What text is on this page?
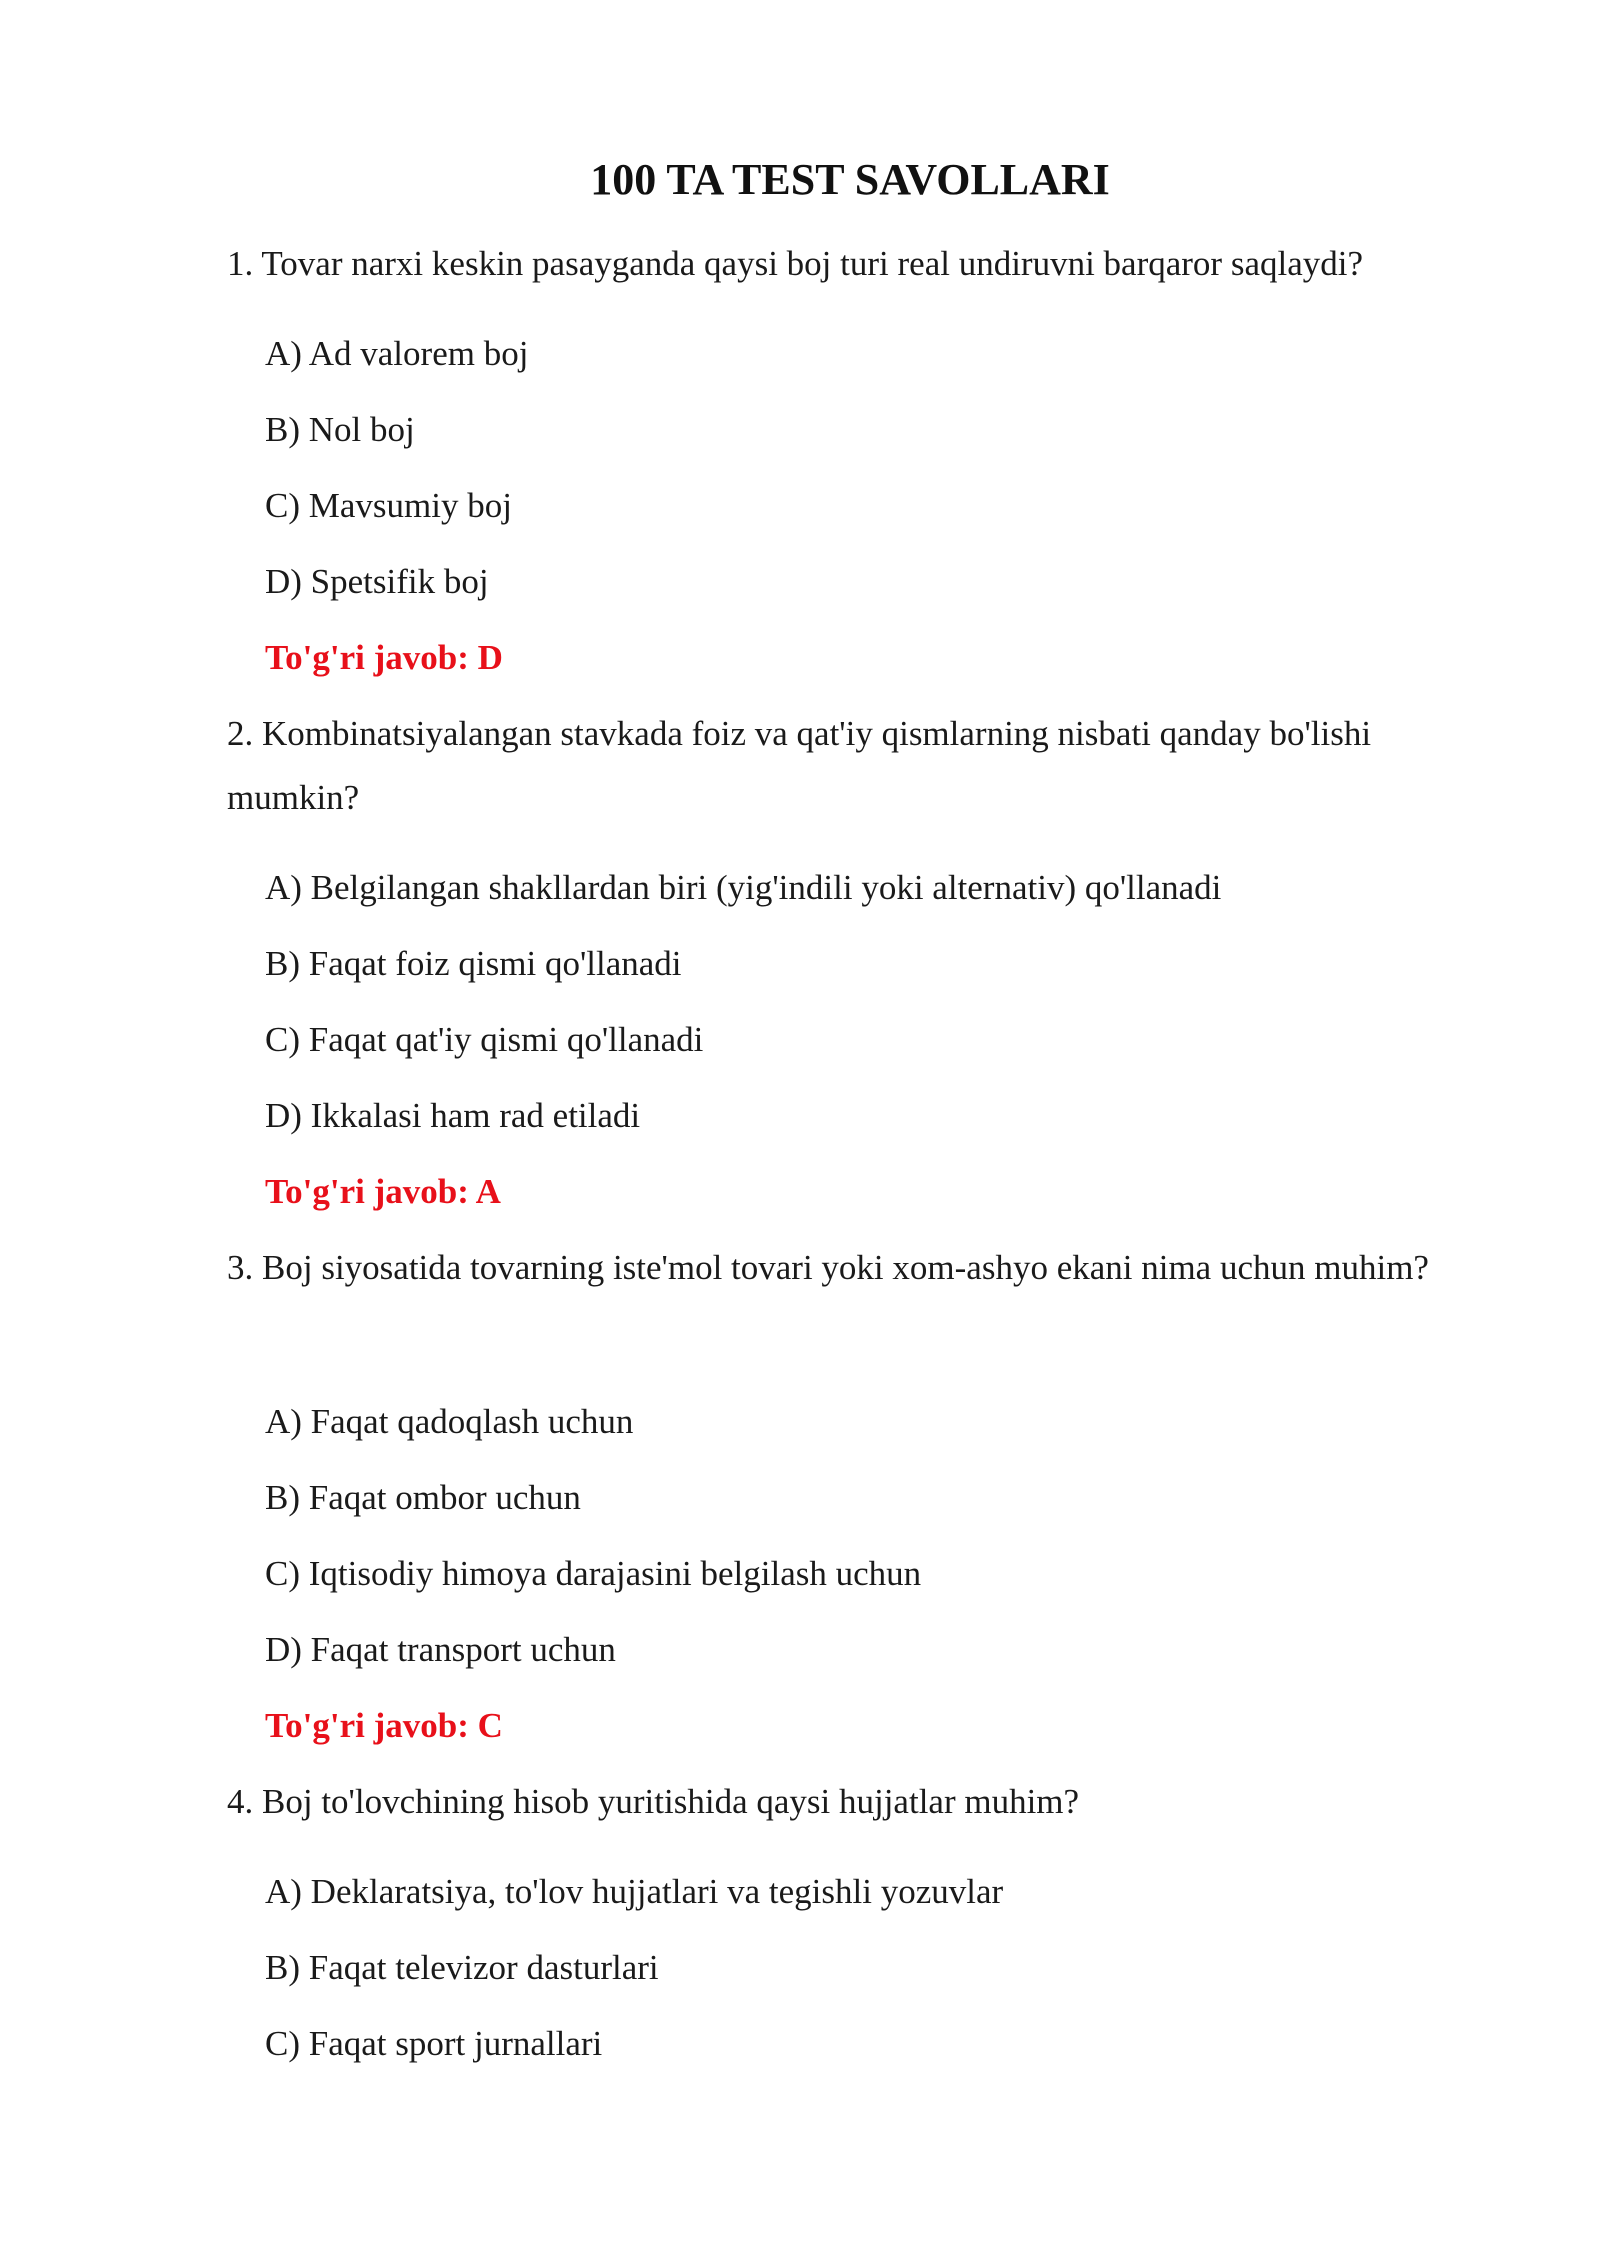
100 TA TEST SAVOLLARI

1. Tovar narxi keskin pasayganda qaysi boj turi real undiruvni barqaror saqlaydi?

A) Ad valorem boj

B) Nol boj

C) Mavsumiy boj

D) Spetsifik boj

To'g'ri javob: D

2. Kombinatsiyalangan stavkada foiz va qat'iy qismlarning nisbati qanday bo'lishi mumkin?

A) Belgilangan shakllardan biri (yig'indili yoki alternativ) qo'llanadi

B) Faqat foiz qismi qo'llanadi

C) Faqat qat'iy qismi qo'llanadi

D) Ikkalasi ham rad etiladi

To'g'ri javob: A

3. Boj siyosatida tovarning iste'mol tovari yoki xom-ashyo ekani nima uchun muhim?

A) Faqat qadoqlash uchun

B) Faqat ombor uchun

C) Iqtisodiy himoya darajasini belgilash uchun

D) Faqat transport uchun

To'g'ri javob: C

4. Boj to'lovchining hisob yuritishida qaysi hujjatlar muhim?

A) Deklaratsiya, to'lov hujjatlari va tegishli yozuvlar

B) Faqat televizor dasturlari

C) Faqat sport jurnallari
